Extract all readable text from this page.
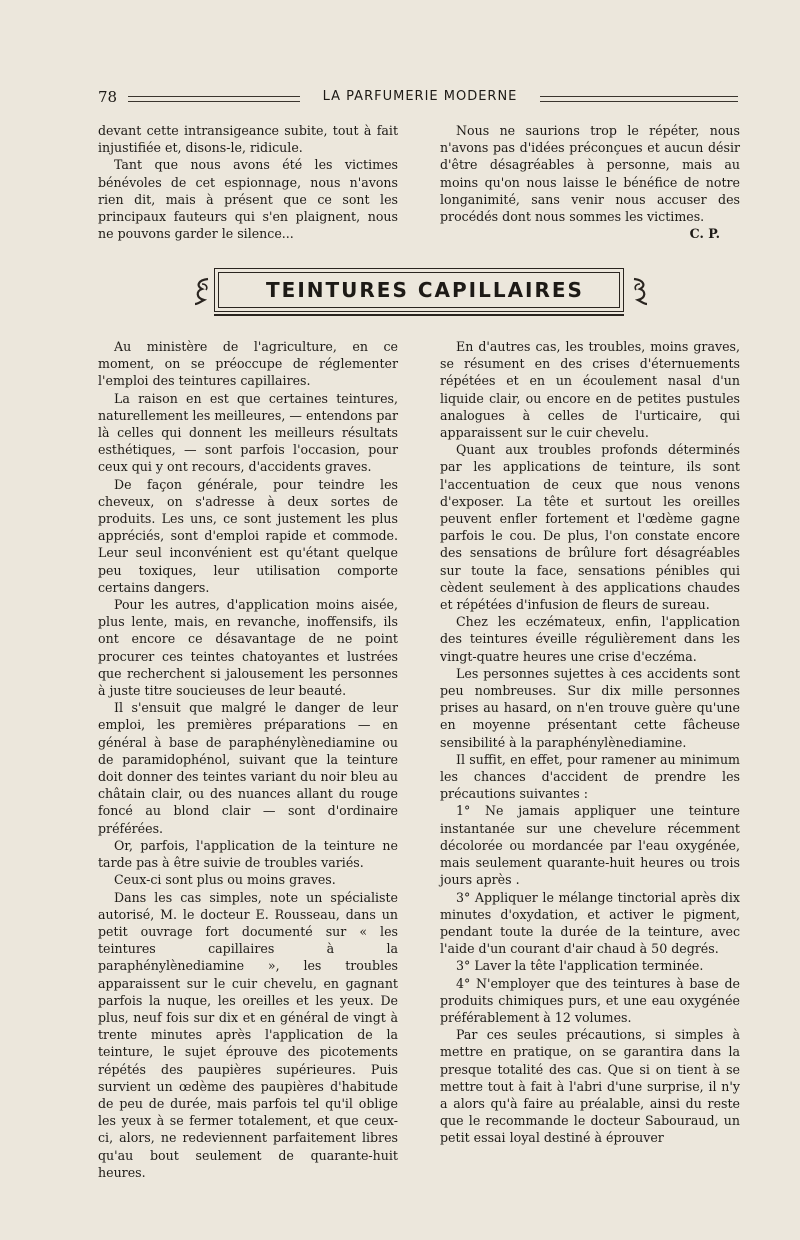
78	LA PARFUMERIE MODERNE

devant cette intransigeance subite, tout à fait injustifiée et, disons-le, ridicule.

Tant que nous avons été les victimes bénévoles de cet espionnage, nous n'avons rien dit, mais à présent que ce sont les principaux fauteurs qui s'en plaignent, nous ne pouvons garder le silence...

Nous ne saurions trop le répéter, nous n'avons pas d'idées préconçues et aucun désir d'être désagréables à personne, mais au moins qu'on nous laisse le bénéfice de notre longanimité, sans venir nous accuser des procédés dont nous sommes les victimes.

C. P.

TEINTURES CAPILLAIRES

Au ministère de l'agriculture, en ce moment, on se préoccupe de réglementer l'emploi des teintures capillaires.

La raison en est que certaines teintures, naturellement les meilleures, — entendons par là celles qui donnent les meilleurs résultats esthétiques, — sont parfois l'occasion, pour ceux qui y ont recours, d'accidents graves.

De façon générale, pour teindre les cheveux, on s'adresse à deux sortes de produits. Les uns, ce sont justement les plus appréciés, sont d'emploi rapide et commode. Leur seul inconvénient est qu'étant quelque peu toxiques, leur utilisation comporte certains dangers.

Pour les autres, d'application moins aisée, plus lente, mais, en revanche, inoffensifs, ils ont encore ce désavantage de ne point procurer ces teintes chatoyantes et lustrées que recherchent si jalousement les personnes à juste titre soucieuses de leur beauté.

Il s'ensuit que malgré le danger de leur emploi, les premières préparations — en général à base de paraphénylènediamine ou de paramidophénol, suivant que la teinture doit donner des teintes variant du noir bleu au châtain clair, ou des nuances allant du rouge foncé au blond clair — sont d'ordinaire préférées.

Or, parfois, l'application de la teinture ne tarde pas à être suivie de troubles variés.

Ceux-ci sont plus ou moins graves.

Dans les cas simples, note un spécialiste autorisé, M. le docteur E. Rousseau, dans un petit ouvrage fort documenté sur « les teintures capillaires à la paraphénylènediamine », les troubles apparaissent sur le cuir chevelu, en gagnant parfois la nuque, les oreilles et les yeux. De plus, neuf fois sur dix et en général de vingt à trente minutes après l'application de la teinture, le sujet éprouve des picotements répétés des paupières supérieures. Puis survient un œdème des paupières d'habitude de peu de durée, mais parfois tel qu'il oblige les yeux à se fermer totalement, et que ceux-ci, alors, ne redeviennent parfaitement libres qu'au bout seulement de quarante-huit heures.

En d'autres cas, les troubles, moins graves, se résument en des crises d'éternuements répétées et en un écoulement nasal d'un liquide clair, ou encore en de petites pustules analogues à celles de l'urticaire, qui apparaissent sur le cuir chevelu.

Quant aux troubles profonds déterminés par les applications de teinture, ils sont l'accentuation de ceux que nous venons d'exposer. La tête et surtout les oreilles peuvent enfler fortement et l'œdème gagne parfois le cou. De plus, l'on constate encore des sensations de brûlure fort désagréables sur toute la face, sensations pénibles qui cèdent seulement à des applications chaudes et répétées d'infusion de fleurs de sureau.

Chez les eczémateux, enfin, l'application des teintures éveille régulièrement dans les vingt-quatre heures une crise d'eczéma.

Les personnes sujettes à ces accidents sont peu nombreuses. Sur dix mille personnes prises au hasard, on n'en trouve guère qu'une en moyenne présentant cette fâcheuse sensibilité à la paraphénylènediamine.

Il suffit, en effet, pour ramener au minimum les chances d'accident de prendre les précautions suivantes :

1° Ne jamais appliquer une teinture instantanée sur une chevelure récemment décolorée ou mordancée par l'eau oxygénée, mais seulement quarante-huit heures ou trois jours après .

3° Appliquer le mélange tinctorial après dix minutes d'oxydation, et activer le pigment, pendant toute la durée de la teinture, avec l'aide d'un courant d'air chaud à 50 degrés.

3° Laver la tête l'application terminée.

4° N'employer que des teintures à base de produits chimiques purs, et une eau oxygénée préférablement à 12 volumes.

Par ces seules précautions, si simples à mettre en pratique, on se garantira dans la presque totalité des cas. Que si on tient à se mettre tout à fait à l'abri d'une surprise, il n'y a alors qu'à faire au préalable, ainsi du reste que le recommande le docteur Sabouraud, un petit essai loyal destiné à éprouver
